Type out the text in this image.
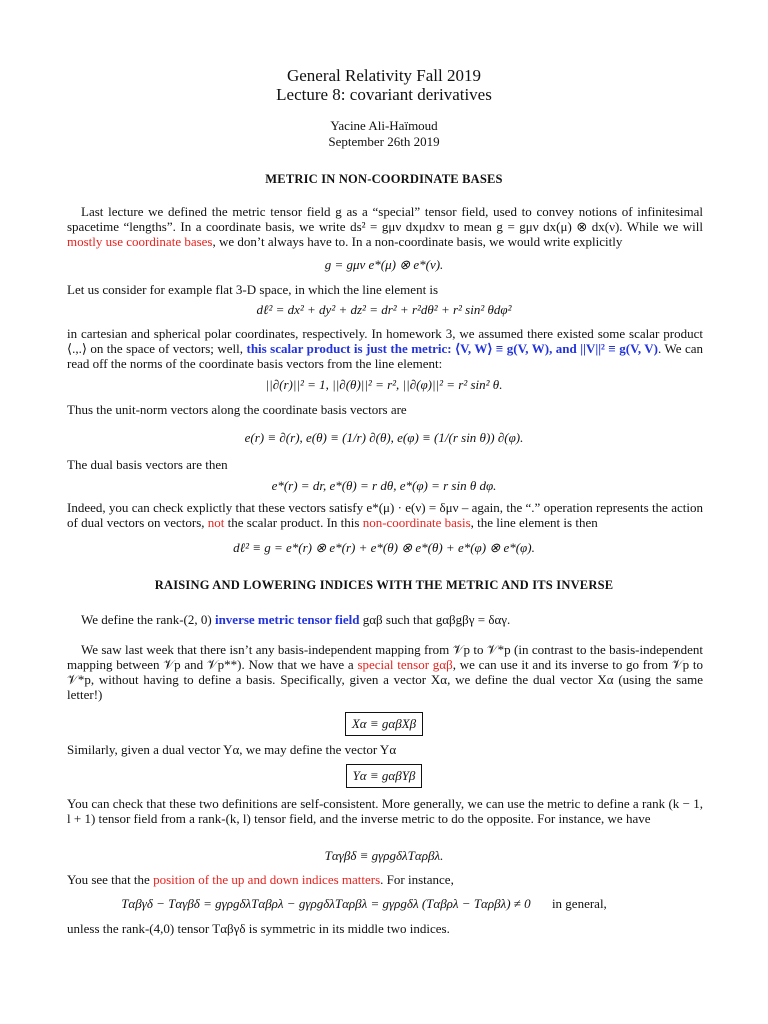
General Relativity Fall 2019
Lecture 8: covariant derivatives
Yacine Ali-Haïmoud
September 26th 2019
METRIC IN NON-COORDINATE BASES
Last lecture we defined the metric tensor field g as a “special” tensor field, used to convey notions of infinitesimal spacetime “lengths”. In a coordinate basis, we write ds² = gμν dxμdxν to mean g = gμν dx(μ) ⊗ dx(ν). While we will mostly use coordinate bases, we don’t always have to. In a non-coordinate basis, we would write explicitly
g = gμν e*(μ) ⊗ e*(ν).
Let us consider for example flat 3-D space, in which the line element is
dℓ² = dx² + dy² + dz² = dr² + r²dθ² + r² sin² θdφ²
in cartesian and spherical polar coordinates, respectively. In homework 3, we assumed there existed some scalar product ⟨.,.⟩ on the space of vectors; well, this scalar product is just the metric: ⟨V, W⟩ ≡ g(V, W), and ||V||² ≡ g(V, V). We can read off the norms of the coordinate basis vectors from the line element:
||∂(r)||² = 1, ||∂(θ)||² = r², ||∂(φ)||² = r² sin² θ.
Thus the unit-norm vectors along the coordinate basis vectors are
e(r) ≡ ∂(r), e(θ) ≡ (1/r) ∂(θ), e(φ) ≡ (1/(r sin θ)) ∂(φ).
The dual basis vectors are then
e*(r) = dr, e*(θ) = r dθ, e*(φ) = r sin θ dφ.
Indeed, you can check explictly that these vectors satisfy e*(μ) · e(ν) = δμν – again, the “.” operation represents the action of dual vectors on vectors, not the scalar product. In this non-coordinate basis, the line element is then
dℓ² ≡ g = e*(r) ⊗ e*(r) + e*(θ) ⊗ e*(θ) + e*(φ) ⊗ e*(φ).
RAISING AND LOWERING INDICES WITH THE METRIC AND ITS INVERSE
We define the rank-(2, 0) inverse metric tensor field gαβ such that gαβgβγ = δαγ.
We saw last week that there isn’t any basis-independent mapping from 𝒱p to 𝒱*p (in contrast to the basis-independent mapping between 𝒱p and 𝒱p**). Now that we have a special tensor gαβ, we can use it and its inverse to go from 𝒱p to 𝒱*p, without having to define a basis. Specifically, given a vector Xα, we define the dual vector Xα (using the same letter!)
Xα ≡ gαβXβ
Similarly, given a dual vector Yα, we may define the vector Yα
Yα ≡ gαβYβ
You can check that these two definitions are self-consistent. More generally, we can use the metric to define a rank (k − 1, l + 1) tensor field from a rank-(k, l) tensor field, and the inverse metric to do the opposite. For instance, we have
Tαγβδ ≡ gγρgδλTαρβλ.
You see that the position of the up and down indices matters. For instance,
Tαβγδ − Tαγβδ = gγρgδλTαβρλ − gγρgδλTαρβλ = gγρgδλ (Tαβρλ − Tαρβλ) ≠ 0 in general,
unless the rank-(4,0) tensor Tαβγδ is symmetric in its middle two indices.
